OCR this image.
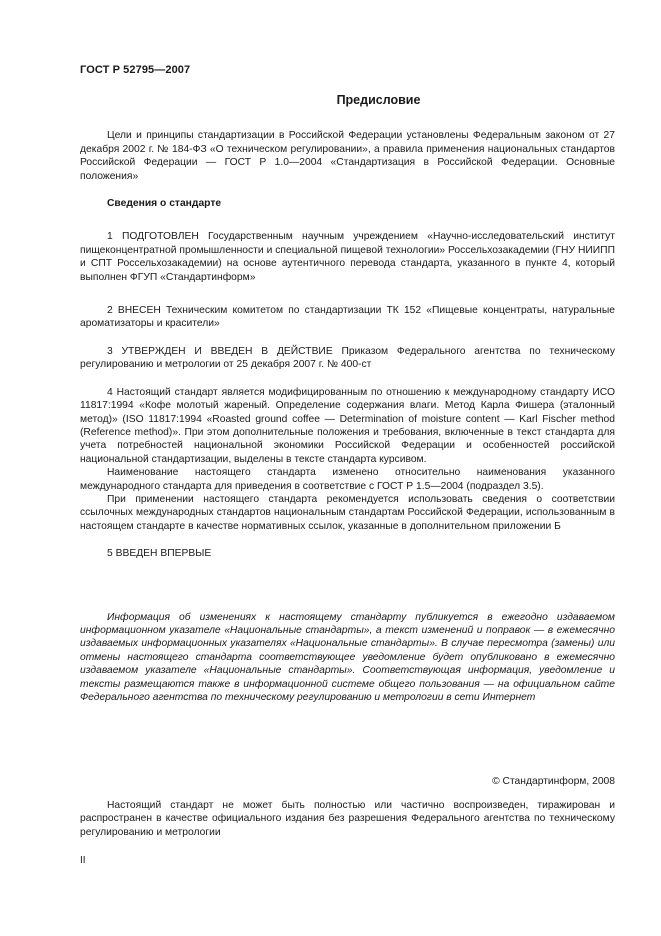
ГОСТ Р 52795—2007
Предисловие

Цели и принципы стандартизации в Российской Федерации установлены Федеральным законом от 27 декабря 2002 г. № 184-ФЗ «О техническом регулировании», а правила применения национальных стандартов Российской Федерации — ГОСТ Р 1.0—2004 «Стандартизация в Российской Федерации. Основные положения»

Сведения о стандарте

1 ПОДГОТОВЛЕН Государственным научным учреждением «Научно-исследовательский институт пищеконцентратной промышленности и специальной пищевой технологии» Россельхозакадемии (ГНУ НИИПП и СПТ Россельхозакадемии) на основе аутентичного перевода стандарта, указанного в пункте 4, который выполнен ФГУП «Стандартинформ»

2 ВНЕСЕН Техническим комитетом по стандартизации ТК 152 «Пищевые концентраты, натуральные ароматизаторы и красители»

3 УТВЕРЖДЕН И ВВЕДЕН В ДЕЙСТВИЕ Приказом Федерального агентства по техническому регулированию и метрологии от 25 декабря 2007 г. № 400-ст

4 Настоящий стандарт является модифицированным по отношению к международному стандарту ИСО 11817:1994 «Кофе молотый жареный. Определение содержания влаги. Метод Карла Фишера (эталонный метод)» (ISO 11817:1994 «Roasted ground coffee — Determination of moisture content — Karl Fischer method (Reference method)». При этом дополнительные положения и требования, включенные в текст стандарта для учета потребностей национальной экономики Российской Федерации и особенностей российской национальной стандартизации, выделены в тексте стандарта курсивом.

Наименование настоящего стандарта изменено относительно наименования указанного международного стандарта для приведения в соответствие с ГОСТ Р 1.5—2004 (подраздел 3.5).

При применении настоящего стандарта рекомендуется использовать сведения о соответствии ссылочных международных стандартов национальным стандартам Российской Федерации, использованным в настоящем стандарте в качестве нормативных ссылок, указанные в дополнительном приложении Б

5 ВВЕДЕН ВПЕРВЫЕ

Информация об изменениях к настоящему стандарту публикуется в ежегодно издаваемом информационном указателе «Национальные стандарты», а текст изменений и поправок — в ежемесячно издаваемых информационных указателях «Национальные стандарты». В случае пересмотра (замены) или отмены настоящего стандарта соответствующее уведомление будет опубликовано в ежемесячно издаваемом указателе «Национальные стандарты». Соответствующая информация, уведомление и тексты размещаются также в информационной системе общего пользования — на официальном сайте Федерального агентства по техническому регулированию и метрологии в сети Интернет

© Стандартинформ, 2008

Настоящий стандарт не может быть полностью или частично воспроизведен, тиражирован и распространен в качестве официального издания без разрешения Федерального агентства по техническому регулированию и метрологии

II
